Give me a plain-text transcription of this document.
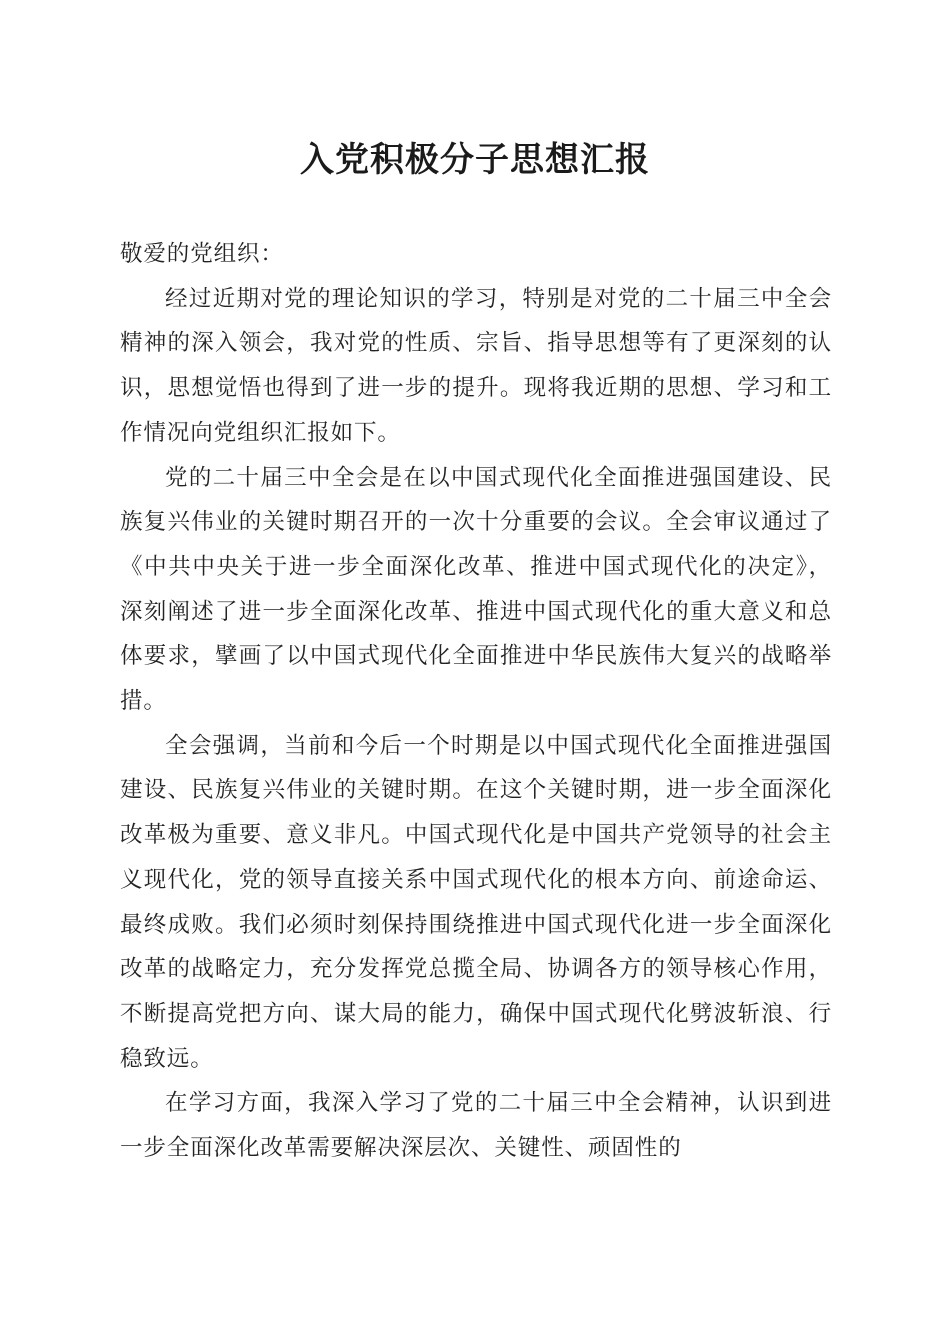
入党积极分子思想汇报

敬爱的党组织：

经过近期对党的理论知识的学习，特别是对党的二十届三中全会精神的深入领会，我对党的性质、宗旨、指导思想等有了更深刻的认识，思想觉悟也得到了进一步的提升。现将我近期的思想、学习和工作情况向党组织汇报如下。

党的二十届三中全会是在以中国式现代化全面推进强国建设、民族复兴伟业的关键时期召开的一次十分重要的会议。全会审议通过了《中共中央关于进一步全面深化改革、推进中国式现代化的决定》，深刻阐述了进一步全面深化改革、推进中国式现代化的重大意义和总体要求，擘画了以中国式现代化全面推进中华民族伟大复兴的战略举措。

全会强调，当前和今后一个时期是以中国式现代化全面推进强国建设、民族复兴伟业的关键时期。在这个关键时期，进一步全面深化改革极为重要、意义非凡。中国式现代化是中国共产党领导的社会主义现代化，党的领导直接关系中国式现代化的根本方向、前途命运、最终成败。我们必须时刻保持围绕推进中国式现代化进一步全面深化改革的战略定力，充分发挥党总揽全局、协调各方的领导核心作用，不断提高党把方向、谋大局的能力，确保中国式现代化劈波斩浪、行稳致远。

在学习方面，我深入学习了党的二十届三中全会精神，认识到进一步全面深化改革需要解决深层次、关键性、顽固性的
